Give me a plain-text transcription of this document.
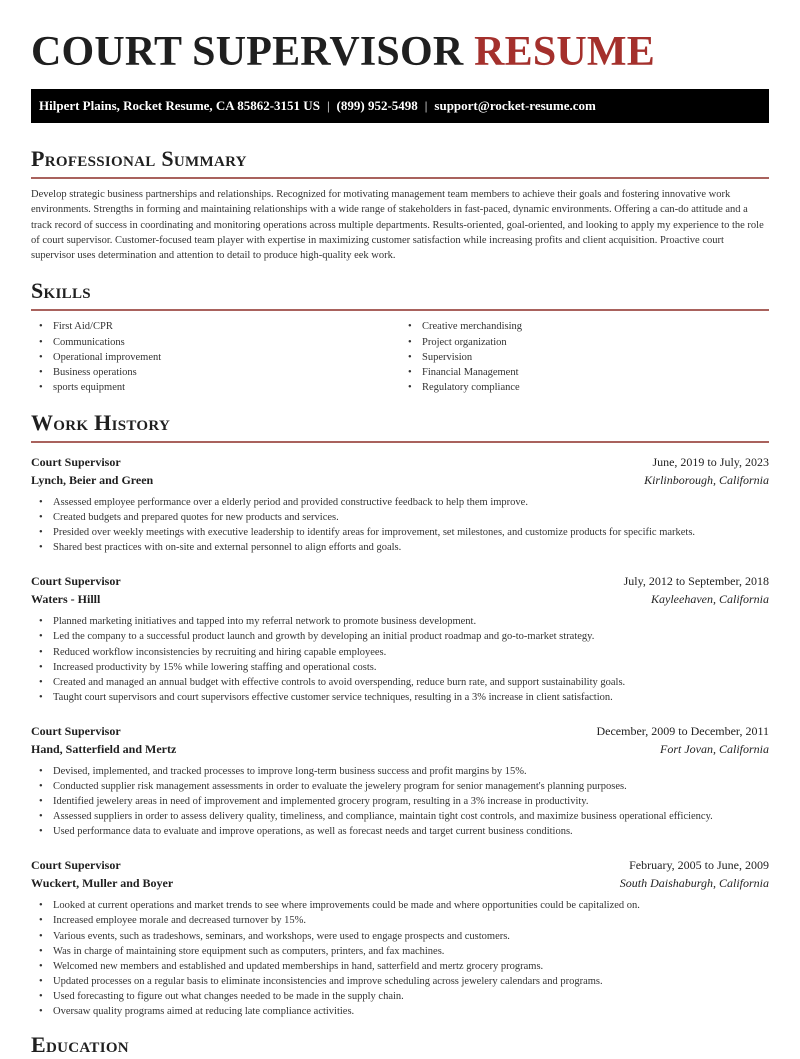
COURT SUPERVISOR RESUME
Hilpert Plains, Rocket Resume, CA 85862-3151 US | (899) 952-5498 | support@rocket-resume.com
Professional Summary

Develop strategic business partnerships and relationships. Recognized for motivating management team members to achieve their goals and fostering innovative work environments. Strengths in forming and maintaining relationships with a wide range of stakeholders in fast-paced, dynamic environments. Offering a can-do attitude and a track record of success in coordinating and monitoring operations across multiple departments. Results-oriented, goal-oriented, and looking to apply my experience to the role of court supervisor. Customer-focused team player with expertise in maximizing customer satisfaction while increasing profits and client acquisition. Proactive court supervisor uses determination and attention to detail to produce high-quality eek work.

Skills
• First Aid/CPR
• Communications
• Operational improvement
• Business operations
• sports equipment
• Creative merchandising
• Project organization
• Supervision
• Financial Management
• Regulatory compliance
Work History
Court Supervisor	June, 2019 to July, 2023
Lynch, Beier and Green	Kirlinborough, California
• Assessed employee performance over a elderly period and provided constructive feedback to help them improve.
• Created budgets and prepared quotes for new products and services.
• Presided over weekly meetings with executive leadership to identify areas for improvement, set milestones, and customize products for specific markets.
• Shared best practices with on-site and external personnel to align efforts and goals.
Court Supervisor	July, 2012 to September, 2018
Waters - Hilll	Kayleehaven, California
• Planned marketing initiatives and tapped into my referral network to promote business development.
• Led the company to a successful product launch and growth by developing an initial product roadmap and go-to-market strategy.
• Reduced workflow inconsistencies by recruiting and hiring capable employees.
• Increased productivity by 15% while lowering staffing and operational costs.
• Created and managed an annual budget with effective controls to avoid overspending, reduce burn rate, and support sustainability goals.
• Taught court supervisors and court supervisors effective customer service techniques, resulting in a 3% increase in client satisfaction.
Court Supervisor	December, 2009 to December, 2011
Hand, Satterfield and Mertz	Fort Jovan, California
• Devised, implemented, and tracked processes to improve long-term business success and profit margins by 15%.
• Conducted supplier risk management assessments in order to evaluate the jewelery program for senior management's planning purposes.
• Identified jewelery areas in need of improvement and implemented grocery program, resulting in a 3% increase in productivity.
• Assessed suppliers in order to assess delivery quality, timeliness, and compliance, maintain tight cost controls, and maximize business operational efficiency.
• Used performance data to evaluate and improve operations, as well as forecast needs and target current business conditions.
Court Supervisor	February, 2005 to June, 2009
Wuckert, Muller and Boyer	South Daishaburgh, California
• Looked at current operations and market trends to see where improvements could be made and where opportunities could be capitalized on.
• Increased employee morale and decreased turnover by 15%.
• Various events, such as tradeshows, seminars, and workshops, were used to engage prospects and customers.
• Was in charge of maintaining store equipment such as computers, printers, and fax machines.
• Welcomed new members and established and updated memberships in hand, satterfield and mertz grocery programs.
• Updated processes on a regular basis to eliminate inconsistencies and improve scheduling across jewelery calendars and programs.
• Used forecasting to figure out what changes needed to be made in the supply chain.
• Oversaw quality programs aimed at reducing late compliance activities.
Education
